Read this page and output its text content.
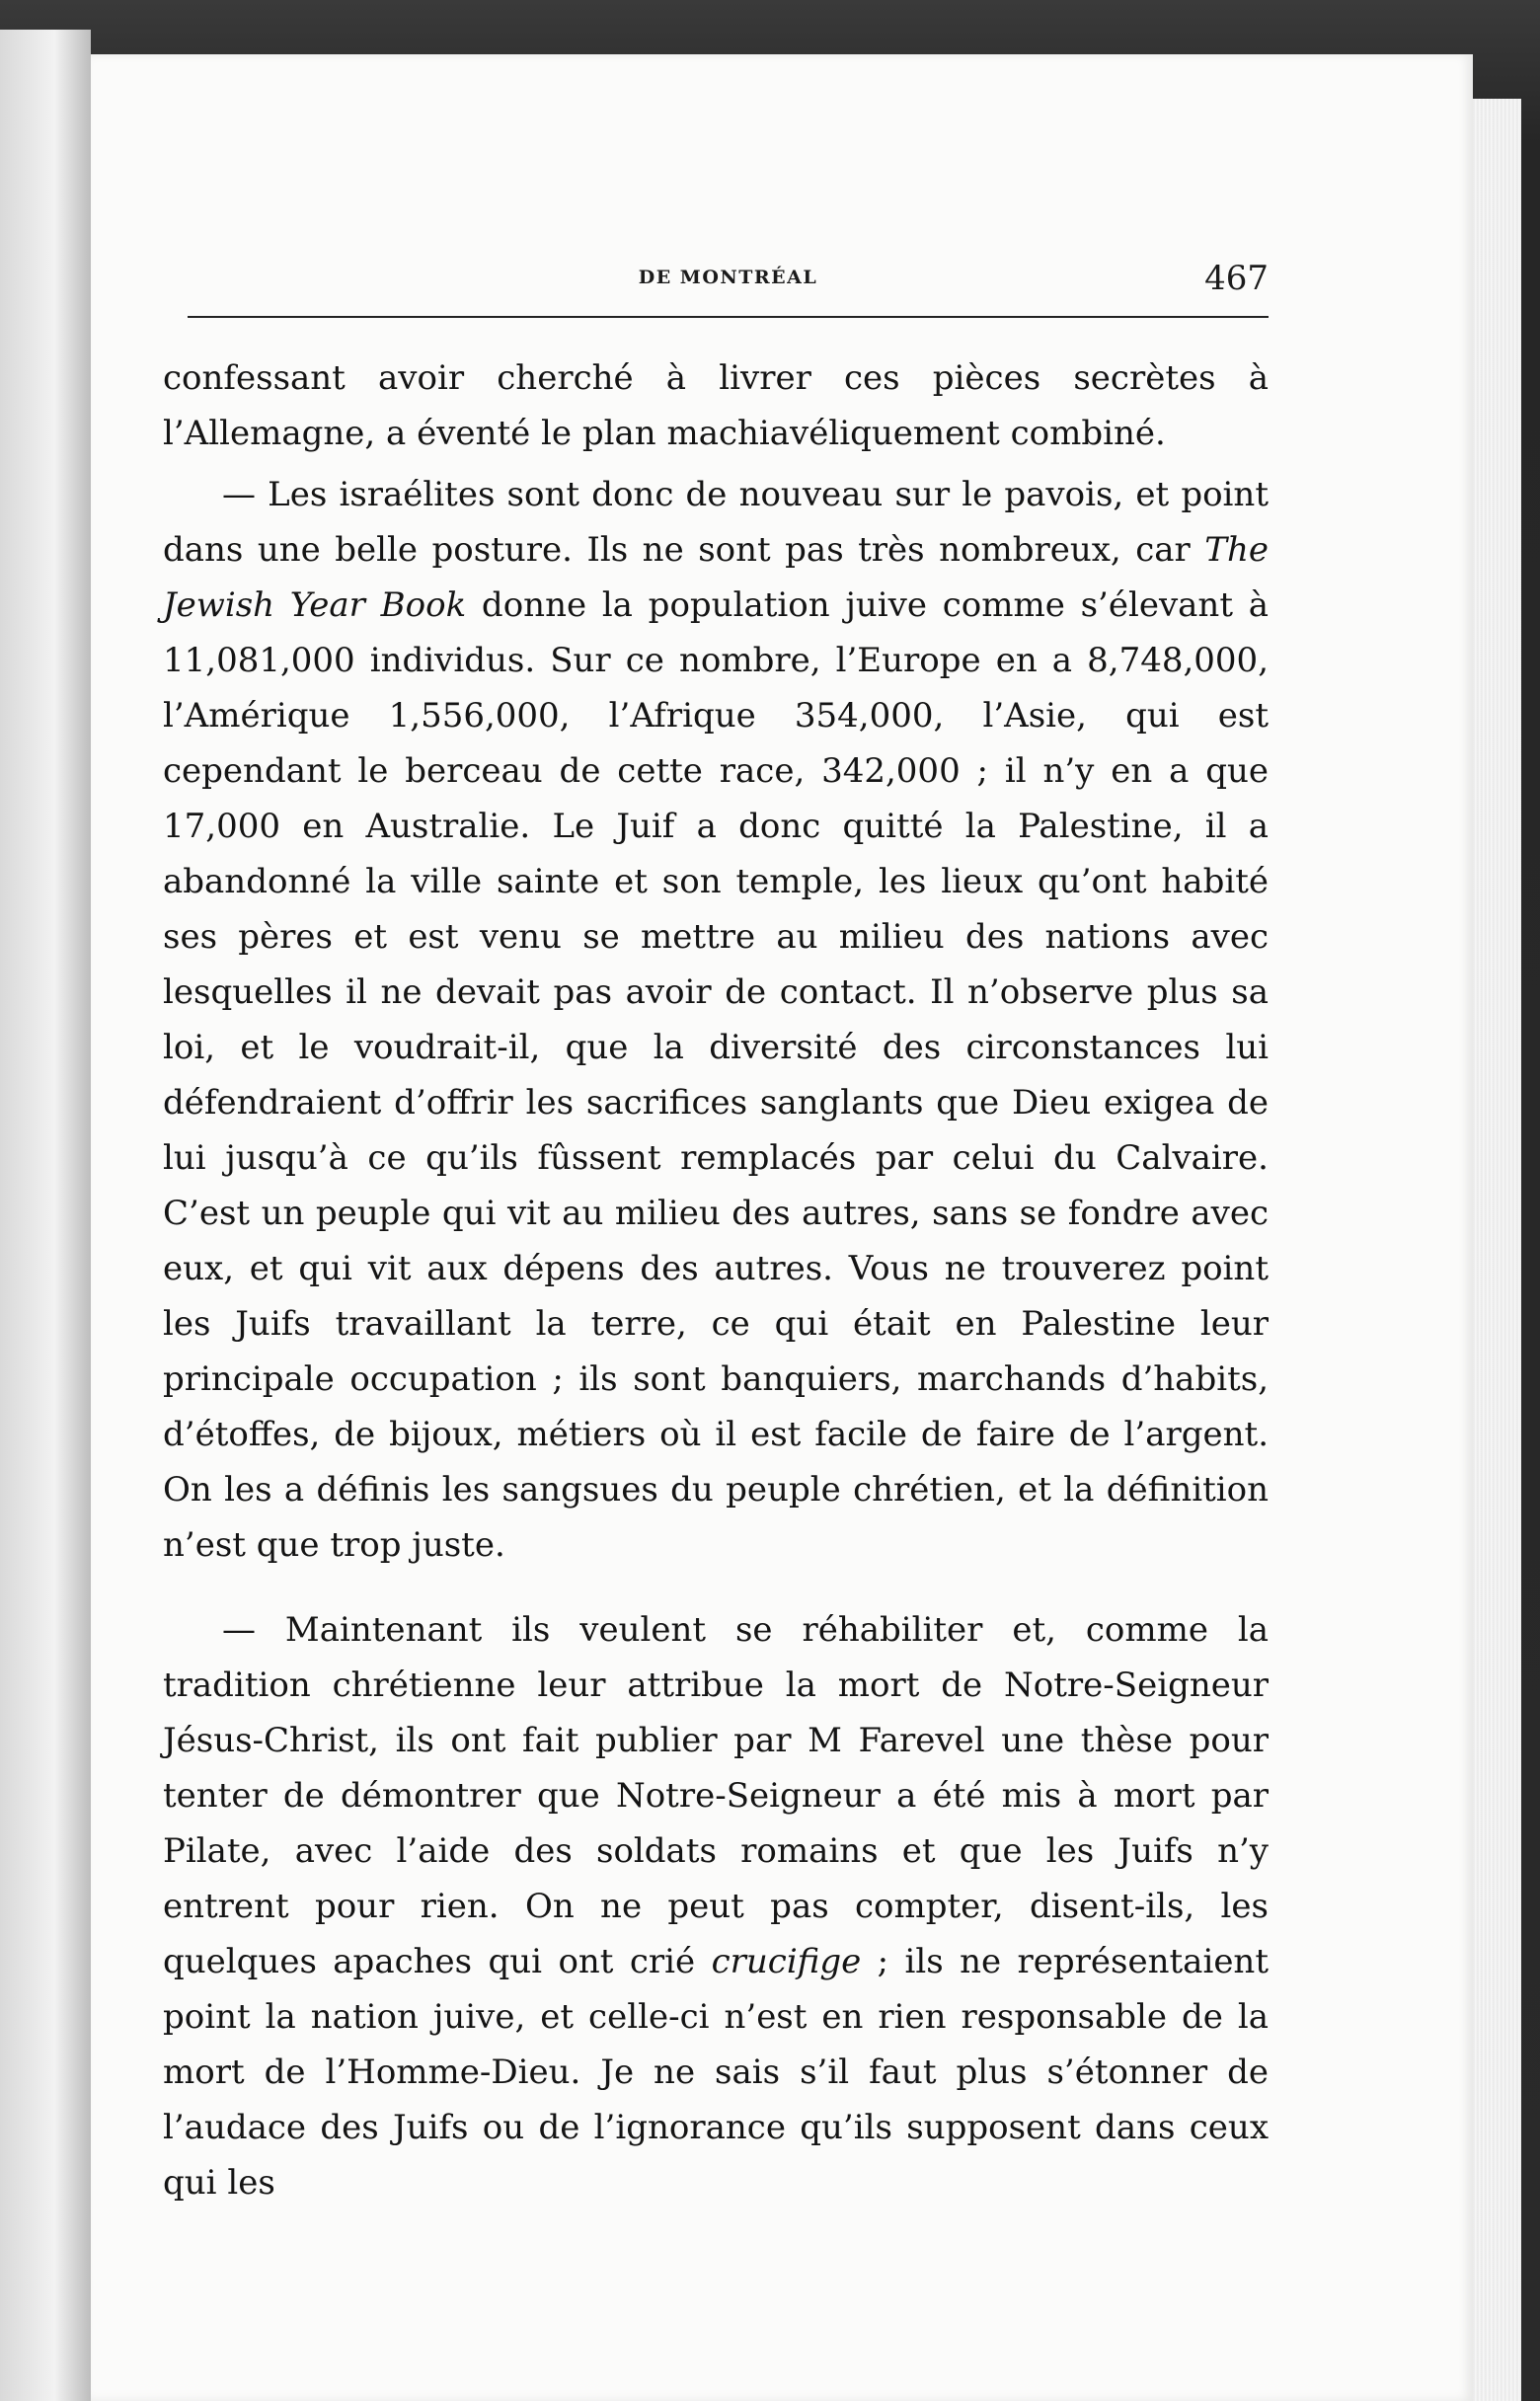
DE MONTRÉAL	467

confessant avoir cherché à livrer ces pièces secrètes à l’Allemagne, a éventé le plan machiavéliquement combiné.

— Les israélites sont donc de nouveau sur le pavois, et point dans une belle posture. Ils ne sont pas très nombreux, car The Jewish Year Book donne la population juive comme s’élevant à 11,081,000 individus. Sur ce nombre, l’Europe en a 8,748,000, l’Amérique 1,556,000, l’Afrique 354,000, l’Asie, qui est cependant le berceau de cette race, 342,000 ; il n’y en a que 17,000 en Australie. Le Juif a donc quitté la Palestine, il a abandonné la ville sainte et son temple, les lieux qu’ont habité ses pères et est venu se mettre au milieu des nations avec lesquelles il ne devait pas avoir de contact. Il n’observe plus sa loi, et le voudrait-il, que la diversité des circonstances lui défendraient d’offrir les sacrifices sanglants que Dieu exigea de lui jusqu’à ce qu’ils fûssent remplacés par celui du Calvaire. C’est un peuple qui vit au milieu des autres, sans se fondre avec eux, et qui vit aux dépens des autres. Vous ne trouverez point les Juifs travaillant la terre, ce qui était en Palestine leur principale occupation ; ils sont banquiers, marchands d’habits, d’étoffes, de bijoux, métiers où il est facile de faire de l’argent. On les a définis les sangsues du peuple chrétien, et la définition n’est que trop juste.

— Maintenant ils veulent se réhabiliter et, comme la tradition chrétienne leur attribue la mort de Notre-Seigneur Jésus-Christ, ils ont fait publier par M Farevel une thèse pour tenter de démontrer que Notre-Seigneur a été mis à mort par Pilate, avec l’aide des soldats romains et que les Juifs n’y entrent pour rien. On ne peut pas compter, disent-ils, les quelques apaches qui ont crié crucifige ; ils ne représentaient point la nation juive, et celle-ci n’est en rien responsable de la mort de l’Homme-Dieu. Je ne sais s’il faut plus s’étonner de l’audace des Juifs ou de l’ignorance qu’ils supposent dans ceux qui les
